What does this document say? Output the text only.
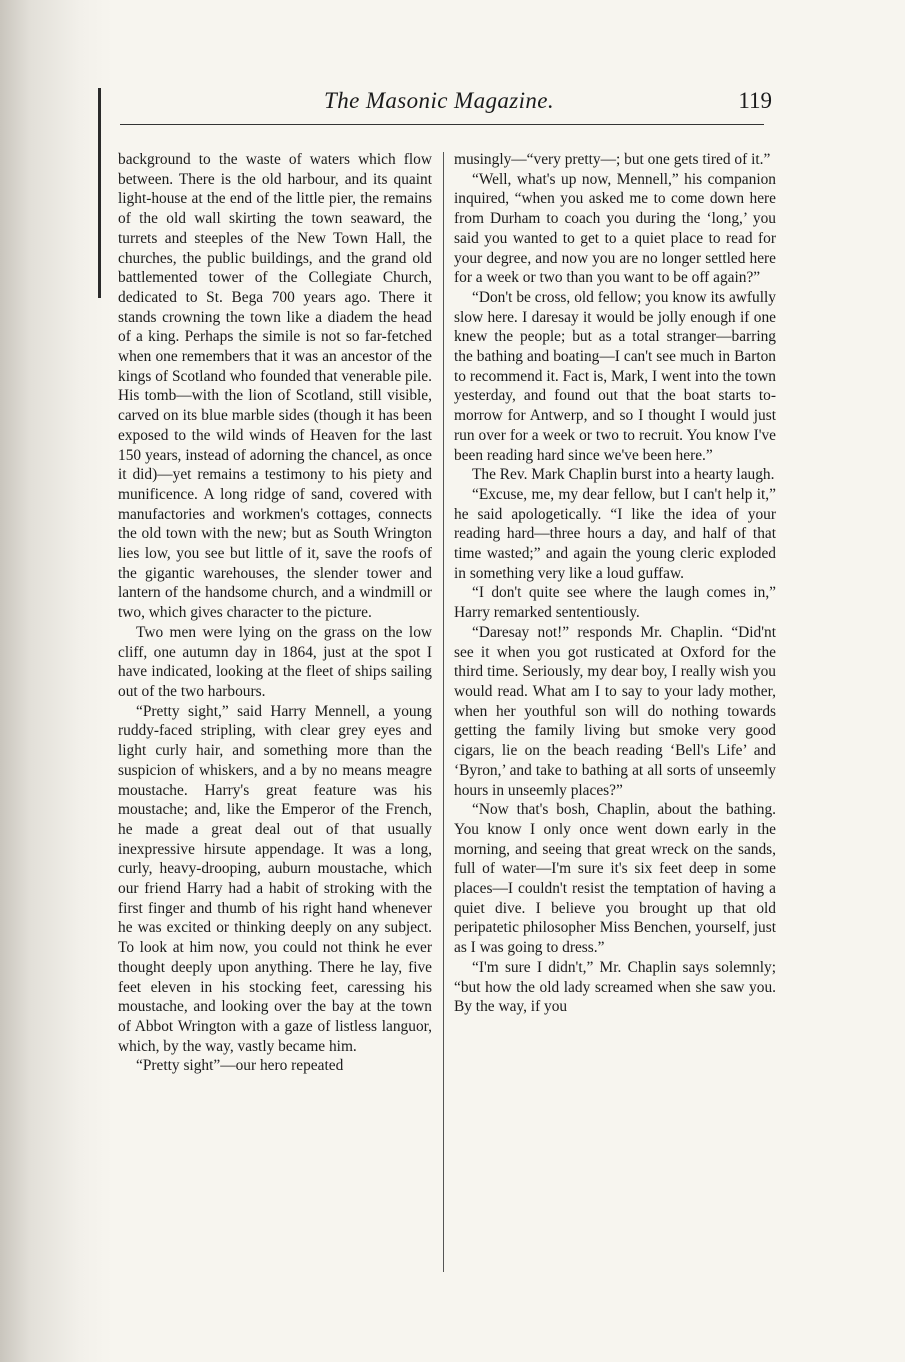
The Masonic Magazine.	119

background to the waste of waters which flow between. There is the old harbour, and its quaint light-house at the end of the little pier, the remains of the old wall skirting the town seaward, the turrets and steeples of the New Town Hall, the churches, the public buildings, and the grand old battlemented tower of the Collegiate Church, dedicated to St. Bega 700 years ago. There it stands crowning the town like a diadem the head of a king. Perhaps the simile is not so far-fetched when one remembers that it was an ancestor of the kings of Scotland who founded that venerable pile. His tomb—with the lion of Scotland, still visible, carved on its blue marble sides (though it has been exposed to the wild winds of Heaven for the last 150 years, instead of adorning the chancel, as once it did)—yet remains a testimony to his piety and munificence. A long ridge of sand, covered with manufactories and workmen's cottages, connects the old town with the new; but as South Wrington lies low, you see but little of it, save the roofs of the gigantic warehouses, the slender tower and lantern of the handsome church, and a windmill or two, which gives character to the picture.

Two men were lying on the grass on the low cliff, one autumn day in 1864, just at the spot I have indicated, looking at the fleet of ships sailing out of the two harbours.

“Pretty sight,” said Harry Mennell, a young ruddy-faced stripling, with clear grey eyes and light curly hair, and something more than the suspicion of whiskers, and a by no means meagre moustache. Harry's great feature was his moustache; and, like the Emperor of the French, he made a great deal out of that usually inexpressive hirsute appendage. It was a long, curly, heavy-drooping, auburn moustache, which our friend Harry had a habit of stroking with the first finger and thumb of his right hand whenever he was excited or thinking deeply on any subject. To look at him now, you could not think he ever thought deeply upon anything. There he lay, five feet eleven in his stocking feet, caressing his moustache, and looking over the bay at the town of Abbot Wrington with a gaze of listless languor, which, by the way, vastly became him.

“Pretty sight”—our hero repeated

musingly—“very pretty—; but one gets tired of it.”

“Well, what's up now, Mennell,” his companion inquired, “when you asked me to come down here from Durham to coach you during the ‘long,’ you said you wanted to get to a quiet place to read for your degree, and now you are no longer settled here for a week or two than you want to be off again?”

“Don't be cross, old fellow; you know its awfully slow here. I daresay it would be jolly enough if one knew the people; but as a total stranger—barring the bathing and boating—I can't see much in Barton to recommend it. Fact is, Mark, I went into the town yesterday, and found out that the boat starts to-morrow for Antwerp, and so I thought I would just run over for a week or two to recruit. You know I've been reading hard since we've been here.”

The Rev. Mark Chaplin burst into a hearty laugh.

“Excuse, me, my dear fellow, but I can't help it,” he said apologetically. “I like the idea of your reading hard—three hours a day, and half of that time wasted;” and again the young cleric exploded in something very like a loud guffaw.

“I don't quite see where the laugh comes in,” Harry remarked sententiously.

“Daresay not!” responds Mr. Chaplin. “Did'nt see it when you got rusticated at Oxford for the third time. Seriously, my dear boy, I really wish you would read. What am I to say to your lady mother, when her youthful son will do nothing towards getting the family living but smoke very good cigars, lie on the beach reading ‘Bell's Life’ and ‘Byron,’ and take to bathing at all sorts of unseemly hours in unseemly places?”

“Now that's bosh, Chaplin, about the bathing. You know I only once went down early in the morning, and seeing that great wreck on the sands, full of water—I'm sure it's six feet deep in some places—I couldn't resist the temptation of having a quiet dive. I believe you brought up that old peripatetic philosopher Miss Benchen, yourself, just as I was going to dress.”

“I'm sure I didn't,” Mr. Chaplin says solemnly; “but how the old lady screamed when she saw you. By the way, if you
